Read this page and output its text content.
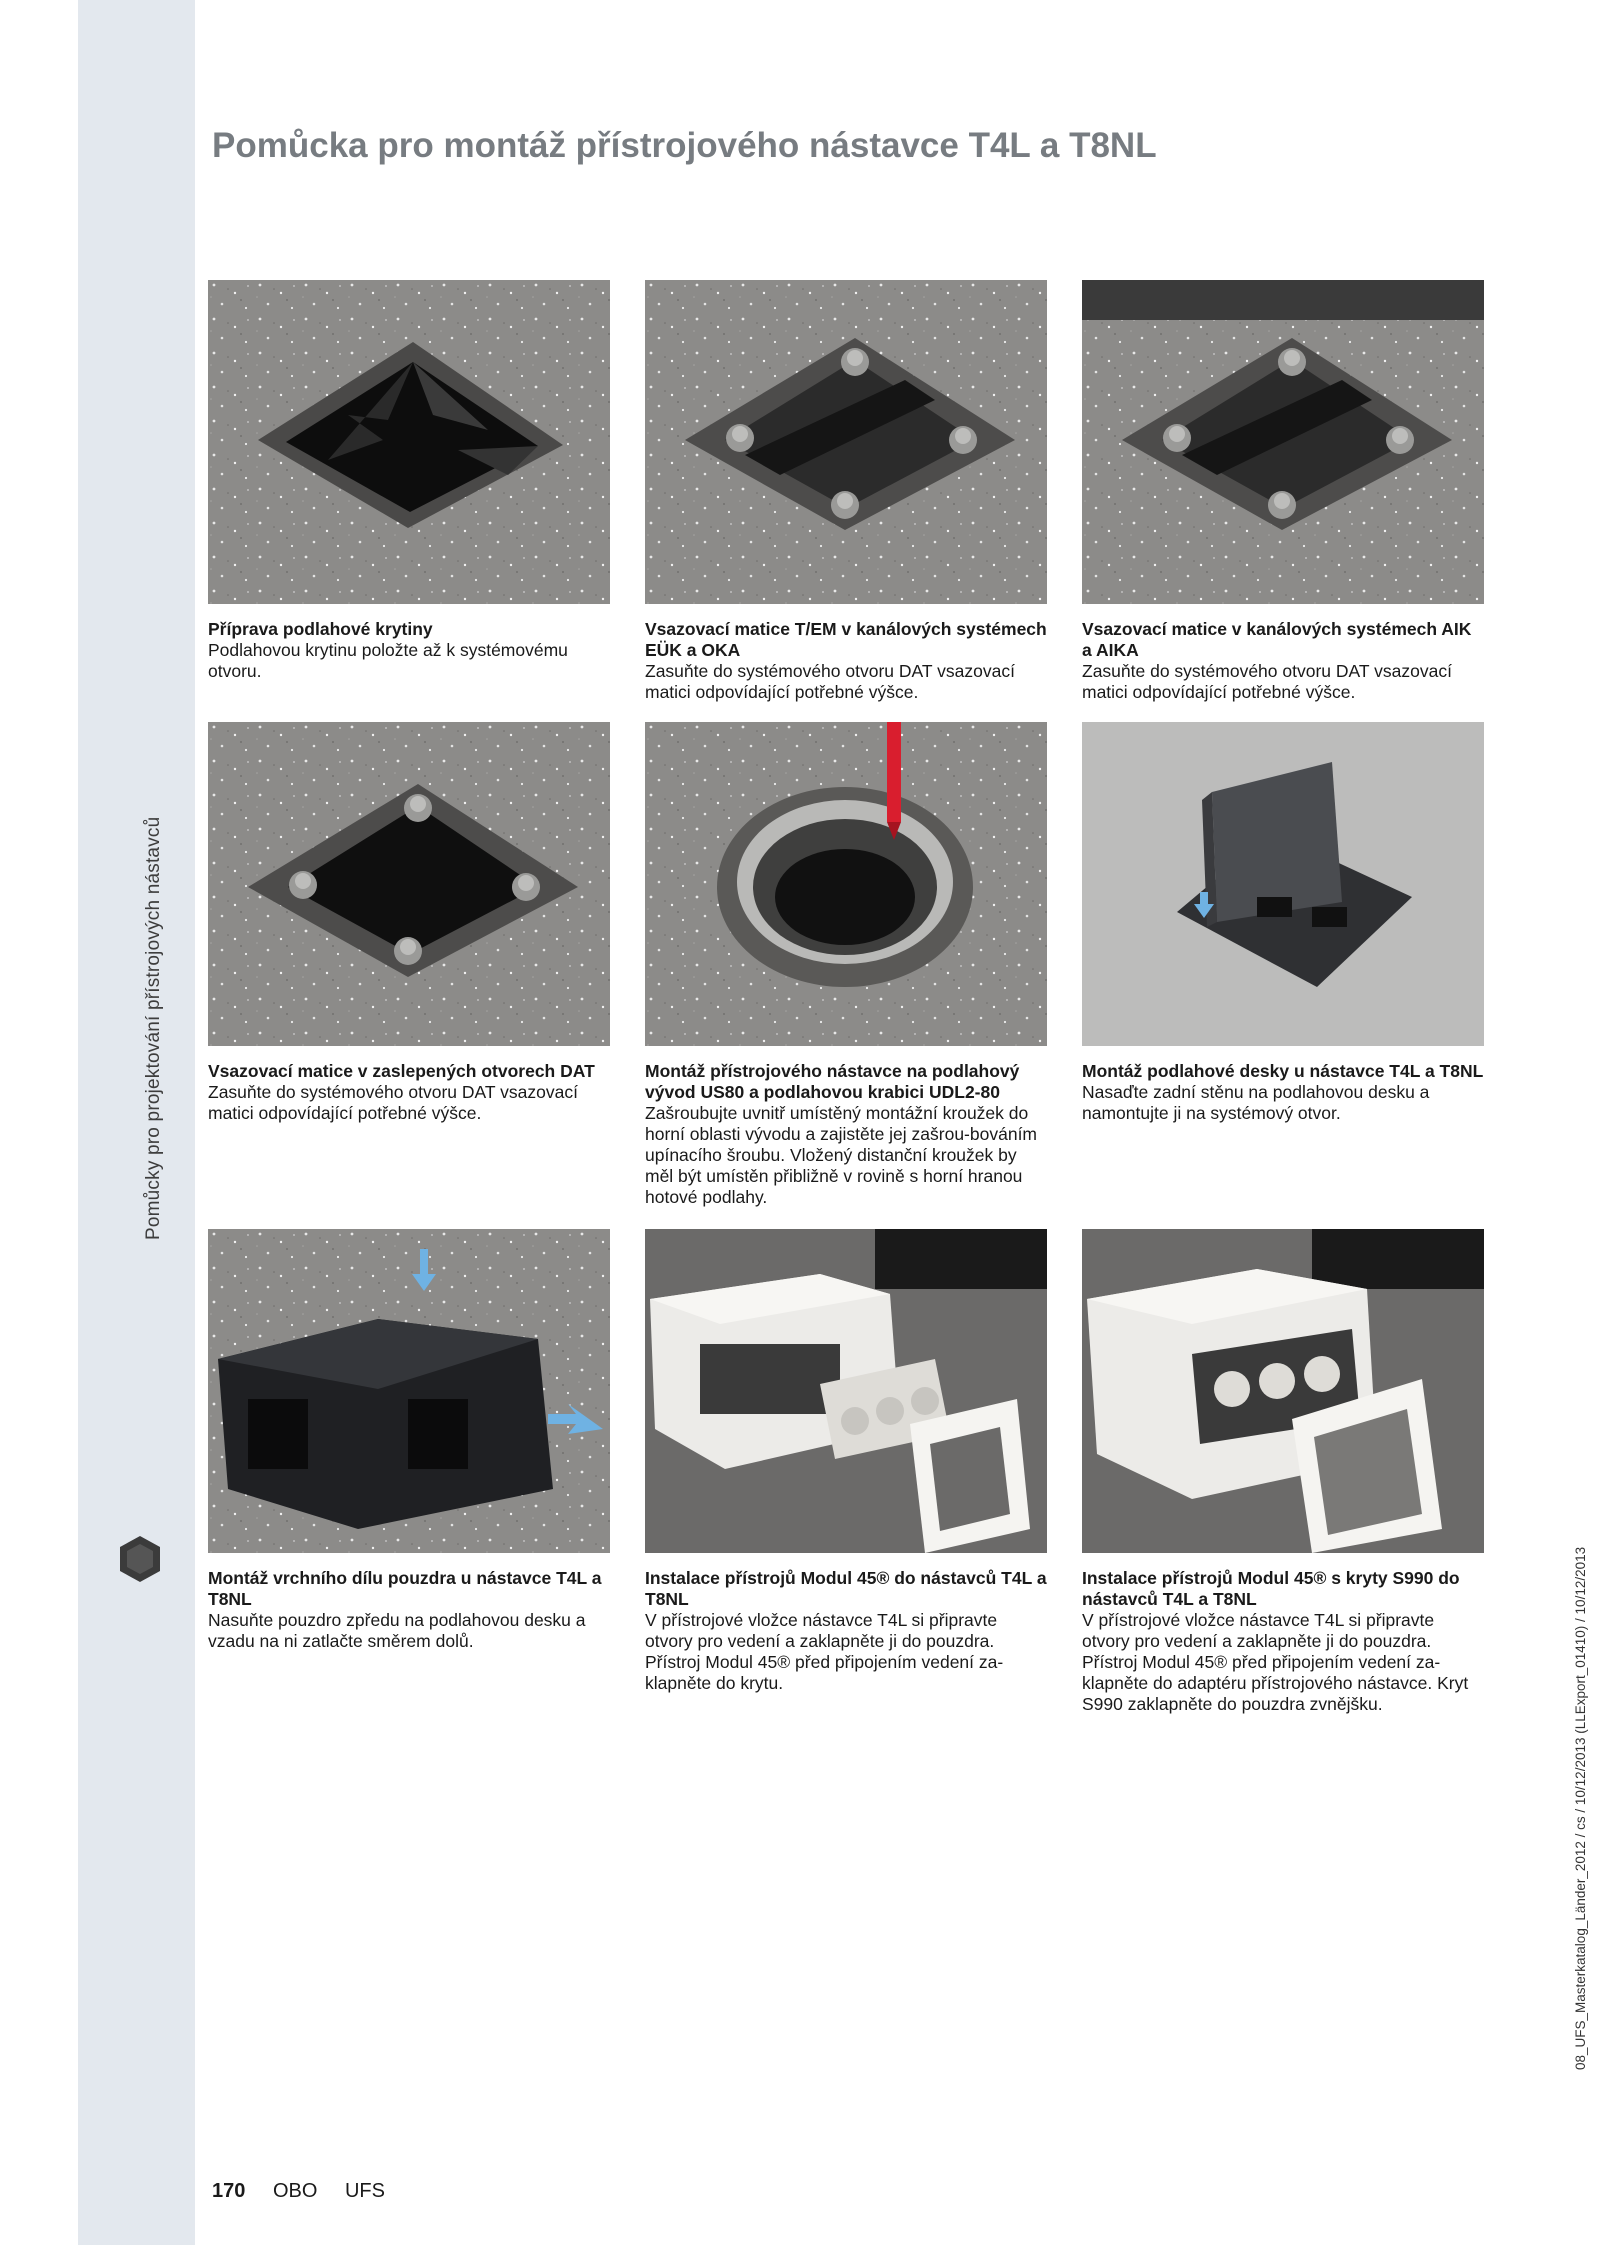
Pomůcky pro projektování přístrojových nástavců
Pomůcka pro montáž přístrojového nástavce T4L a T8NL
Příprava podlahové krytiny
Podlahovou krytinu položte až k systémovému otvoru.
Vsazovací matice T/EM v kanálových systémech EÜK a OKA
Zasuňte do systémového otvoru DAT vsazovací matici odpovídající potřebné výšce.
Vsazovací matice v kanálových systémech AIK a AIKA
Zasuňte do systémového otvoru DAT vsazovací matici odpovídající potřebné výšce.
Vsazovací matice v zaslepených otvorech DAT
Zasuňte do systémového otvoru DAT vsazovací matici odpovídající potřebné výšce.
Montáž přístrojového nástavce na podlahový vývod US80 a podlahovou krabici UDL2-80
Zašroubujte uvnitř umístěný montážní kroužek do horní oblasti vývodu a zajistěte jej zašrou-bováním upínacího šroubu. Vložený distanční kroužek by měl být umístěn přibližně v rovině s horní hranou hotové podlahy.
Montáž podlahové desky u nástavce T4L a T8NL
Nasaďte zadní stěnu na podlahovou desku a namontujte ji na systémový otvor.
Montáž vrchního dílu pouzdra u nástavce T4L a T8NL
Nasuňte pouzdro zpředu na podlahovou desku a vzadu na ni zatlačte směrem dolů.
Instalace přístrojů Modul 45® do nástavců T4L a T8NL
V přístrojové vložce nástavce T4L si připravte otvory pro vedení a zaklapněte ji do pouzdra. Přístroj Modul 45® před připojením vedení za-klapněte do krytu.
Instalace přístrojů Modul 45® s kryty S990 do nástavců T4L a T8NL
V přístrojové vložce nástavce T4L si připravte otvory pro vedení a zaklapněte ji do pouzdra. Přístroj Modul 45® před připojením vedení za-klapněte do adaptéru přístrojového nástavce. Kryt S990 zaklapněte do pouzdra zvnějšku.	08_UFS_Masterkatalog_Länder_2012 / cs / 10/12/2013 (LLExport_01410) / 10/12/2013
170 OBO UFS
